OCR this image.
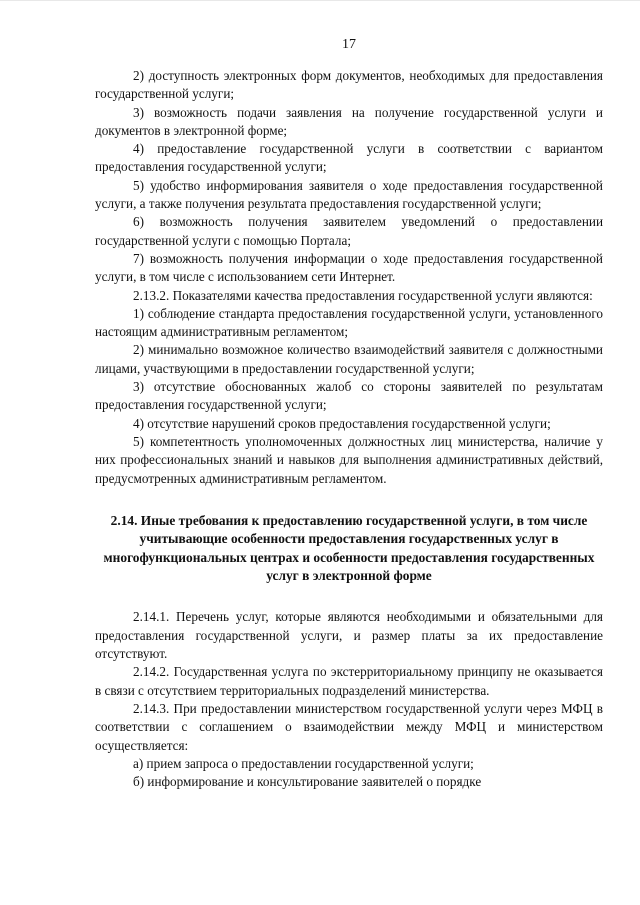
17

2) доступность электронных форм документов, необходимых для предоставления государственной услуги;

3) возможность подачи заявления на получение государственной услуги и документов в электронной форме;

4) предоставление государственной услуги в соответствии с вариантом предоставления государственной услуги;

5) удобство информирования заявителя о ходе предоставления государственной услуги, а также получения результата предоставления государственной услуги;

6) возможность получения заявителем уведомлений о предоставлении государственной услуги с помощью Портала;

7) возможность получения информации о ходе предоставления государственной услуги, в том числе с использованием сети Интернет.

2.13.2. Показателями качества предоставления государственной услуги являются:

1) соблюдение стандарта предоставления государственной услуги, установленного настоящим административным регламентом;

2) минимально возможное количество взаимодействий заявителя с должностными лицами, участвующими в предоставлении государственной услуги;

3) отсутствие обоснованных жалоб со стороны заявителей по результатам предоставления государственной услуги;

4) отсутствие нарушений сроков предоставления государственной услуги;

5) компетентность уполномоченных должностных лиц министерства, наличие у них профессиональных знаний и навыков для выполнения административных действий, предусмотренных административным регламентом.

2.14. Иные требования к предоставлению государственной услуги, в том числе учитывающие особенности предоставления государственных услуг в многофункциональных центрах и особенности предоставления государственных услуг в электронной форме

2.14.1. Перечень услуг, которые являются необходимыми и обязательными для предоставления государственной услуги, и размер платы за их предоставление отсутствуют.

2.14.2. Государственная услуга по экстерриториальному принципу не оказывается в связи с отсутствием территориальных подразделений министерства.

2.14.3. При предоставлении министерством государственной услуги через МФЦ в соответствии с соглашением о взаимодействии между МФЦ и министерством осуществляется:

а) прием запроса о предоставлении государственной услуги;

б) информирование и консультирование заявителей о порядке
